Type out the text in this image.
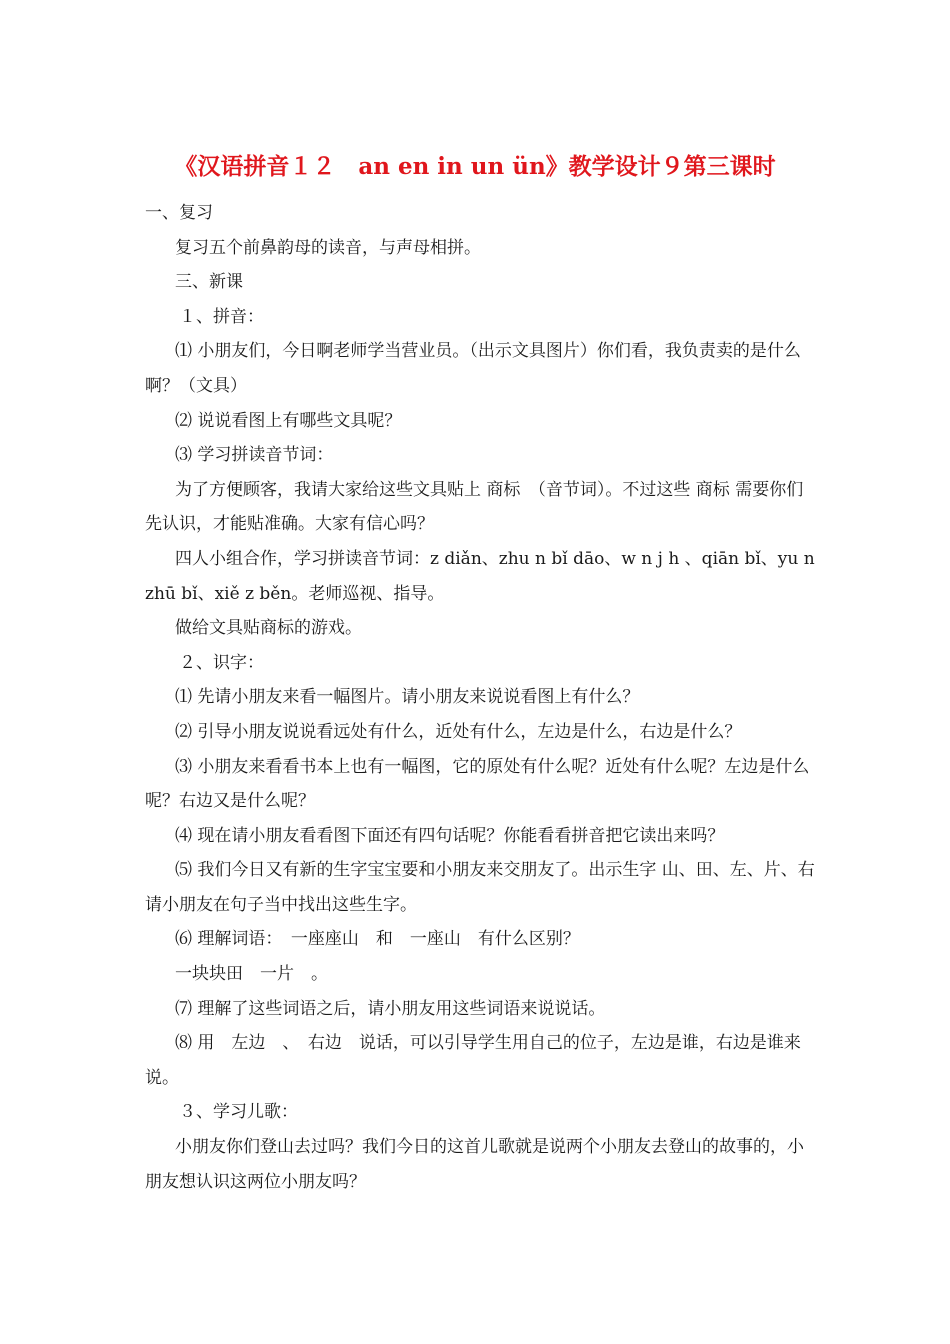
《汉语拼音１２　an en in un ün》教学设计９第三课时

一、复习

复习五个前鼻韵母的读音，与声母相拼。

三、新课

１、拼音：

⑴ 小朋友们，今日啊老师学当营业员。（出示文具图片）你们看，我负责卖的是什么啊？（文具）

⑵ 说说看图上有哪些文具呢？

⑶ 学习拼读音节词：

为了方便顾客，我请大家给这些文具贴上 商标　（音节词）。不过这些 商标 需要你们先认识，才能贴准确。大家有信心吗？

四人小组合作，学习拼读音节词：z diǎn、zhu n bǐ dāo、w n j h 、qiān bǐ、yu n zhū bǐ、xiě z běn。老师巡视、指导。

做给文具贴商标的游戏。

２、识字：

⑴ 先请小朋友来看一幅图片。请小朋友来说说看图上有什么？

⑵ 引导小朋友说说看远处有什么，近处有什么，左边是什么，右边是什么？

⑶ 小朋友来看看书本上也有一幅图，它的原处有什么呢？近处有什么呢？左边是什么呢？右边又是什么呢？

⑷ 现在请小朋友看看图下面还有四句话呢？你能看看拼音把它读出来吗？

⑸ 我们今日又有新的生字宝宝要和小朋友来交朋友了。出示生字 山、田、左、片、右 请小朋友在句子当中找出这些生字。

⑹ 理解词语：　一座座山　和　一座山　有什么区别？

一块块田　一片　。

⑺ 理解了这些词语之后，请小朋友用这些词语来说说话。

⑻ 用　左边　、　右边　说话，可以引导学生用自己的位子，左边是谁，右边是谁来说。

３、学习儿歌：

小朋友你们登山去过吗？我们今日的这首儿歌就是说两个小朋友去登山的故事的，小朋友想认识这两位小朋友吗？
